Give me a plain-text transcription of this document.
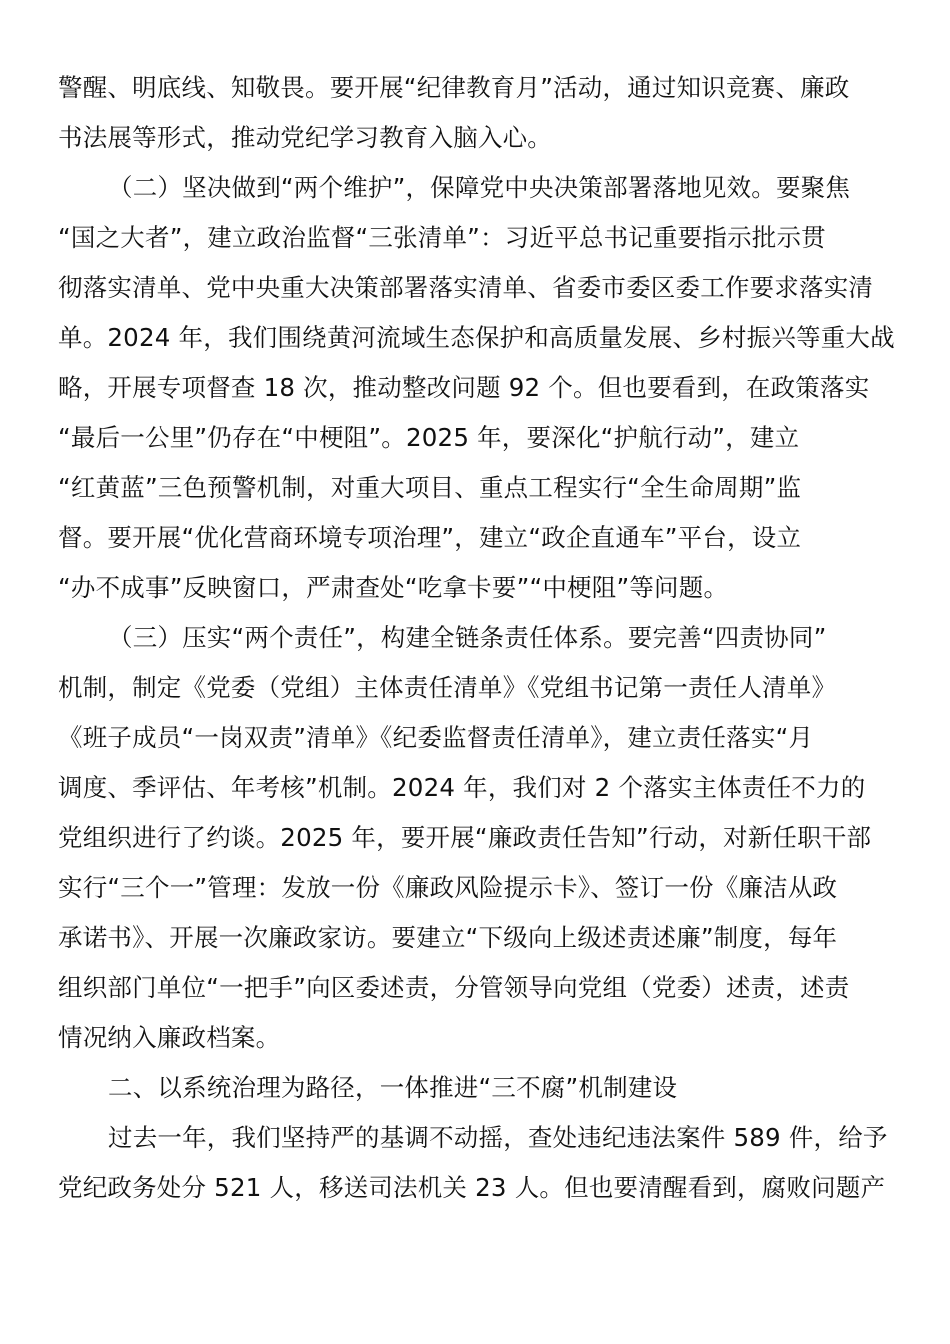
警醒、明底线、知敬畏。要开展“纪律教育月”活动，通过知识竞赛、廉政
书法展等形式，推动党纪学习教育入脑入心。
（二）坚决做到“两个维护”，保障党中央决策部署落地见效。要聚焦
“国之大者”，建立政治监督“三张清单”：习近平总书记重要指示批示贯
彻落实清单、党中央重大决策部署落实清单、省委市委区委工作要求落实清
单。2024 年，我们围绕黄河流域生态保护和高质量发展、乡村振兴等重大战
略，开展专项督查 18 次，推动整改问题 92 个。但也要看到，在政策落实
“最后一公里”仍存在“中梗阻”。2025 年，要深化“护航行动”，建立
“红黄蓝”三色预警机制，对重大项目、重点工程实行“全生命周期”监
督。要开展“优化营商环境专项治理”，建立“政企直通车”平台，设立
“办不成事”反映窗口，严肃查处“吃拿卡要”“中梗阻”等问题。
（三）压实“两个责任”，构建全链条责任体系。要完善“四责协同”
机制，制定《党委（党组）主体责任清单》《党组书记第一责任人清单》
《班子成员“一岗双责”清单》《纪委监督责任清单》，建立责任落实“月
调度、季评估、年考核”机制。2024 年，我们对 2 个落实主体责任不力的
党组织进行了约谈。2025 年，要开展“廉政责任告知”行动，对新任职干部
实行“三个一”管理：发放一份《廉政风险提示卡》、签订一份《廉洁从政
承诺书》、开展一次廉政家访。要建立“下级向上级述责述廉”制度，每年
组织部门单位“一把手”向区委述责，分管领导向党组（党委）述责，述责
情况纳入廉政档案。
二、以系统治理为路径，一体推进“三不腐”机制建设
过去一年，我们坚持严的基调不动摇，查处违纪违法案件 589 件，给予
党纪政务处分 521 人，移送司法机关 23 人。但也要清醒看到，腐败问题产
